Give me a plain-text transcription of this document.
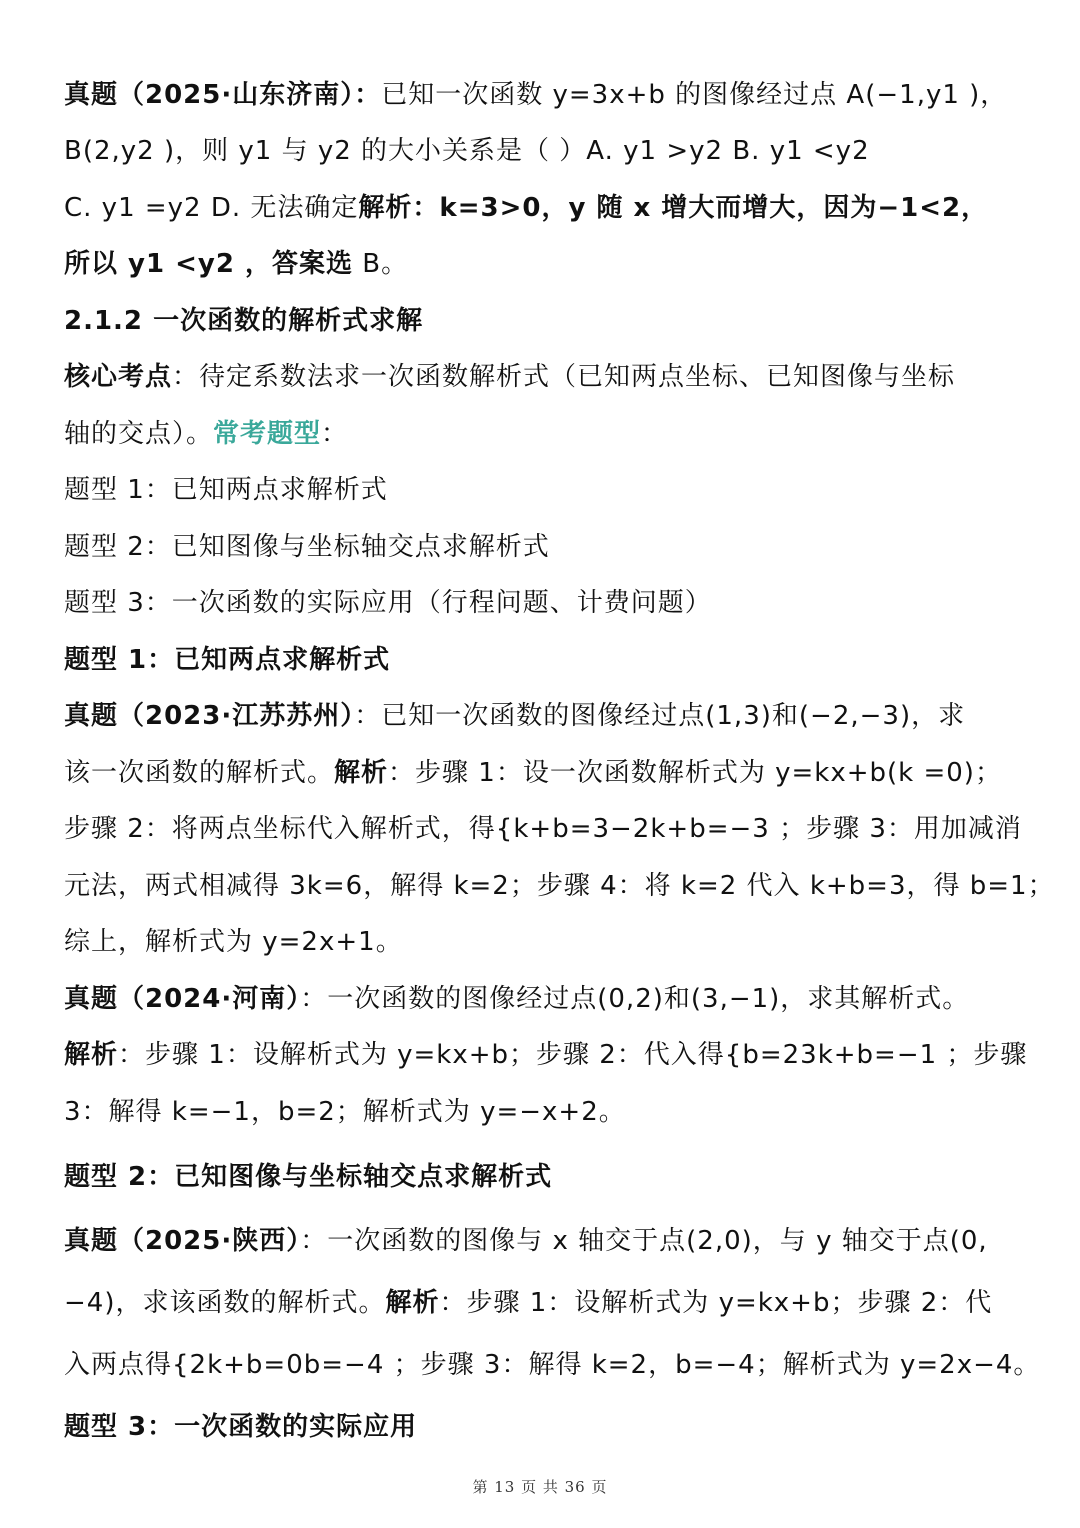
真题（2025·山东济南）：已知一次函数 y=3x+b 的图像经过点 A(−1,y1 )，
B(2,y2 )，则 y1 与 y2 的大小关系是（ ）A. y1 >y2 B. y1 <y2
C. y1 =y2 D. 无法确定解析：k=3>0，y 随 x 增大而增大，因为−1<2，
所以 y1 <y2 ，答案选 B。
2.1.2 一次函数的解析式求解
核心考点：待定系数法求一次函数解析式（已知两点坐标、已知图像与坐标
轴的交点）。常考题型：
题型 1：已知两点求解析式
题型 2：已知图像与坐标轴交点求解析式
题型 3：一次函数的实际应用（行程问题、计费问题）
题型 1：已知两点求解析式
真题（2023·江苏苏州）：已知一次函数的图像经过点(1,3)和(−2,−3)，求
该一次函数的解析式。解析：步骤 1：设一次函数解析式为 y=kx+b(k =0)；
步骤 2：将两点坐标代入解析式，得{k+b=3−2k+b=−3 ；步骤 3：用加减消
元法，两式相减得 3k=6，解得 k=2；步骤 4：将 k=2 代入 k+b=3，得 b=1；
综上，解析式为 y=2x+1。
真题（2024·河南）：一次函数的图像经过点(0,2)和(3,−1)，求其解析式。
解析：步骤 1：设解析式为 y=kx+b；步骤 2：代入得{b=23k+b=−1 ；步骤
3：解得 k=−1，b=2；解析式为 y=−x+2。
题型 2：已知图像与坐标轴交点求解析式
真题（2025·陕西）：一次函数的图像与 x 轴交于点(2,0)，与 y 轴交于点(0,
−4)，求该函数的解析式。解析：步骤 1：设解析式为 y=kx+b；步骤 2：代
入两点得{2k+b=0b=−4 ；步骤 3：解得 k=2，b=−4；解析式为 y=2x−4。
题型 3：一次函数的实际应用
第 13 页 共 36 页
